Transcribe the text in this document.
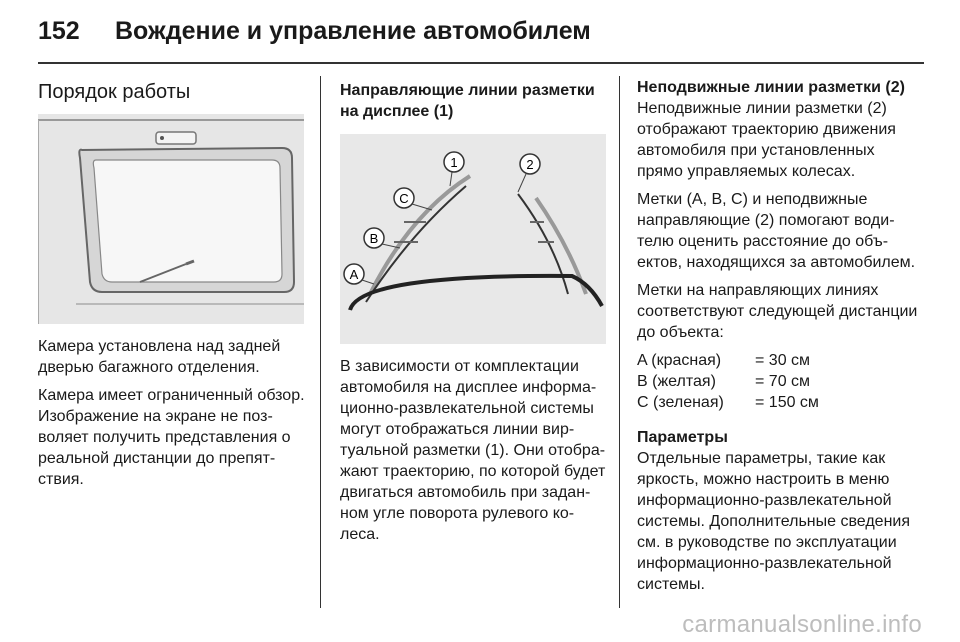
152 Вождение и управление автомобилем
Порядок работы

Камера установлена над задней дверью багажного отделения.

Камера имеет ограниченный обзор. Изображение на экране не позволяет получить представления о реальной дистанции до препятствия.

Направляющие линии разметки на дисплее (1)
1	2
C
B
A

В зависимости от комплектации автомобиля на дисплее информационно-развлекательной системы могут отображаться линии виртуальной разметки (1). Они отображают траекторию, по которой будет двигаться автомобиль при заданном угле поворота рулевого колеса.

Неподвижные линии разметки (2)

Неподвижные линии разметки (2) отображают траекторию движения автомобиля при установленных прямо управляемых колесах.

Метки (A, B, C) и неподвижные направляющие (2) помогают водителю оценить расстояние до объектов, находящихся за автомобилем.

Метки на направляющих линиях соответствуют следующей дистанции до объекта:

A (красная)	= 30 см
B (желтая)	= 70 см
C (зеленая)	= 150 см
Параметры

Отдельные параметры, такие как яркость, можно настроить в меню информационно-развлекательной системы. Дополнительные сведения см. в руководстве по эксплуатации информационно-развлекательной системы.

carmanualsonline.info
